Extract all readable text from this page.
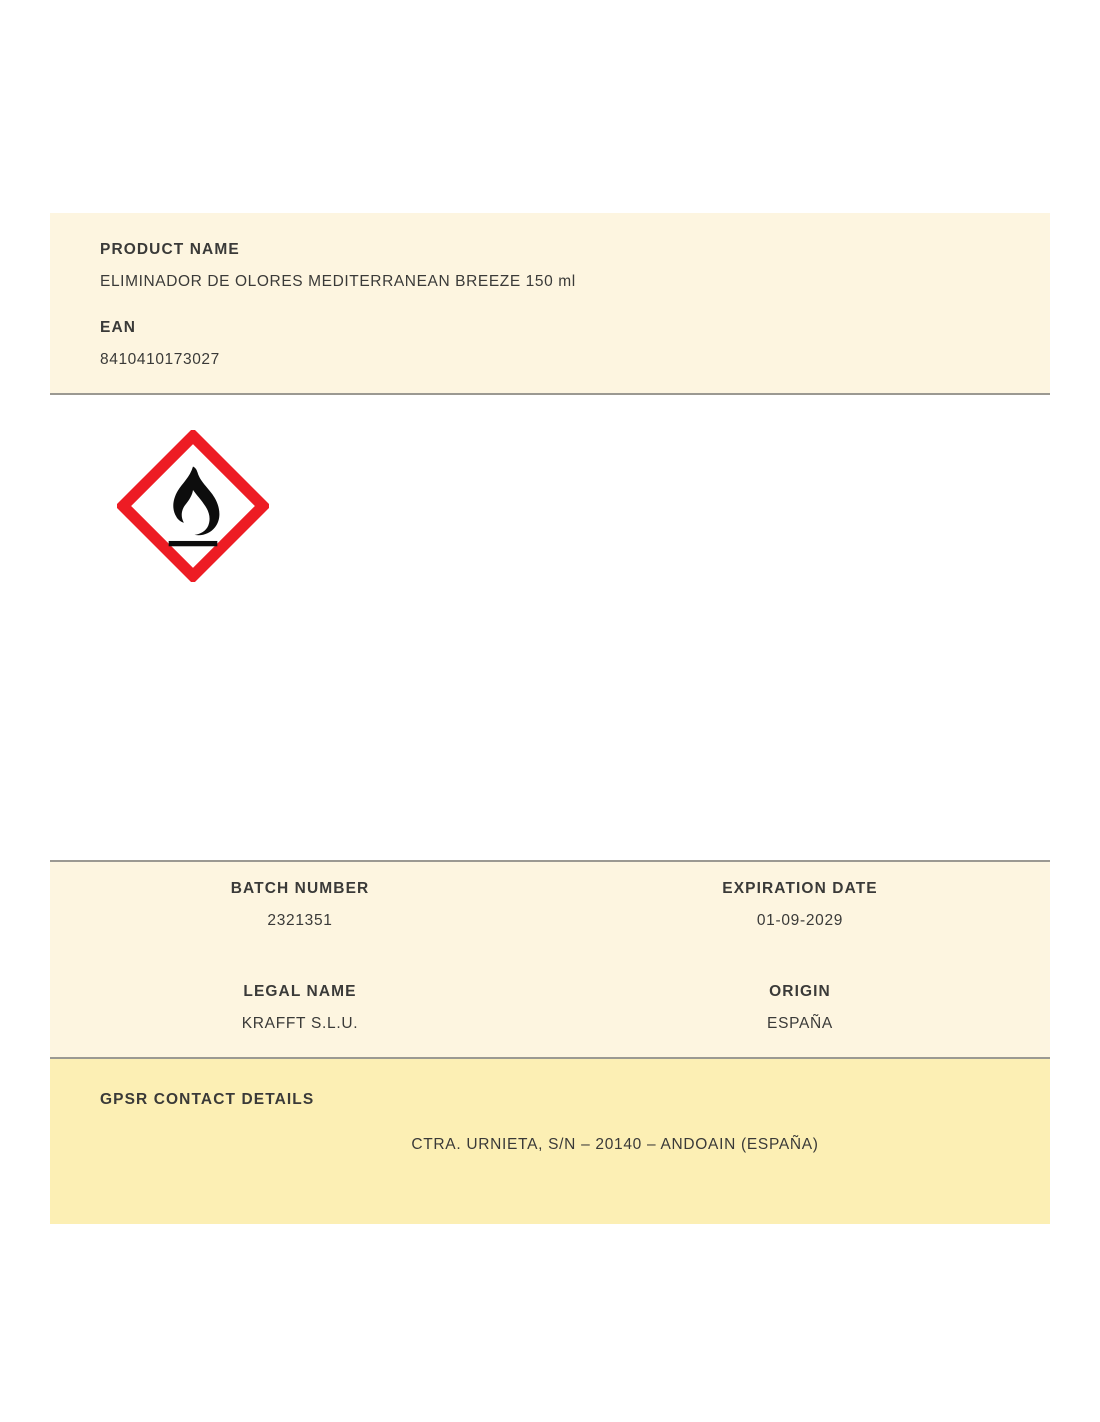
PRODUCT NAME

ELIMINADOR DE OLORES MEDITERRANEAN BREEZE 150 ml

EAN

8410410173027

BATCH NUMBER

2321351

EXPIRATION DATE

01-09-2029

LEGAL NAME

KRAFFT S.L.U.

ORIGIN

ESPAÑA

GPSR CONTACT DETAILS

CTRA. URNIETA, S/N – 20140 – ANDOAIN (ESPAÑA)
